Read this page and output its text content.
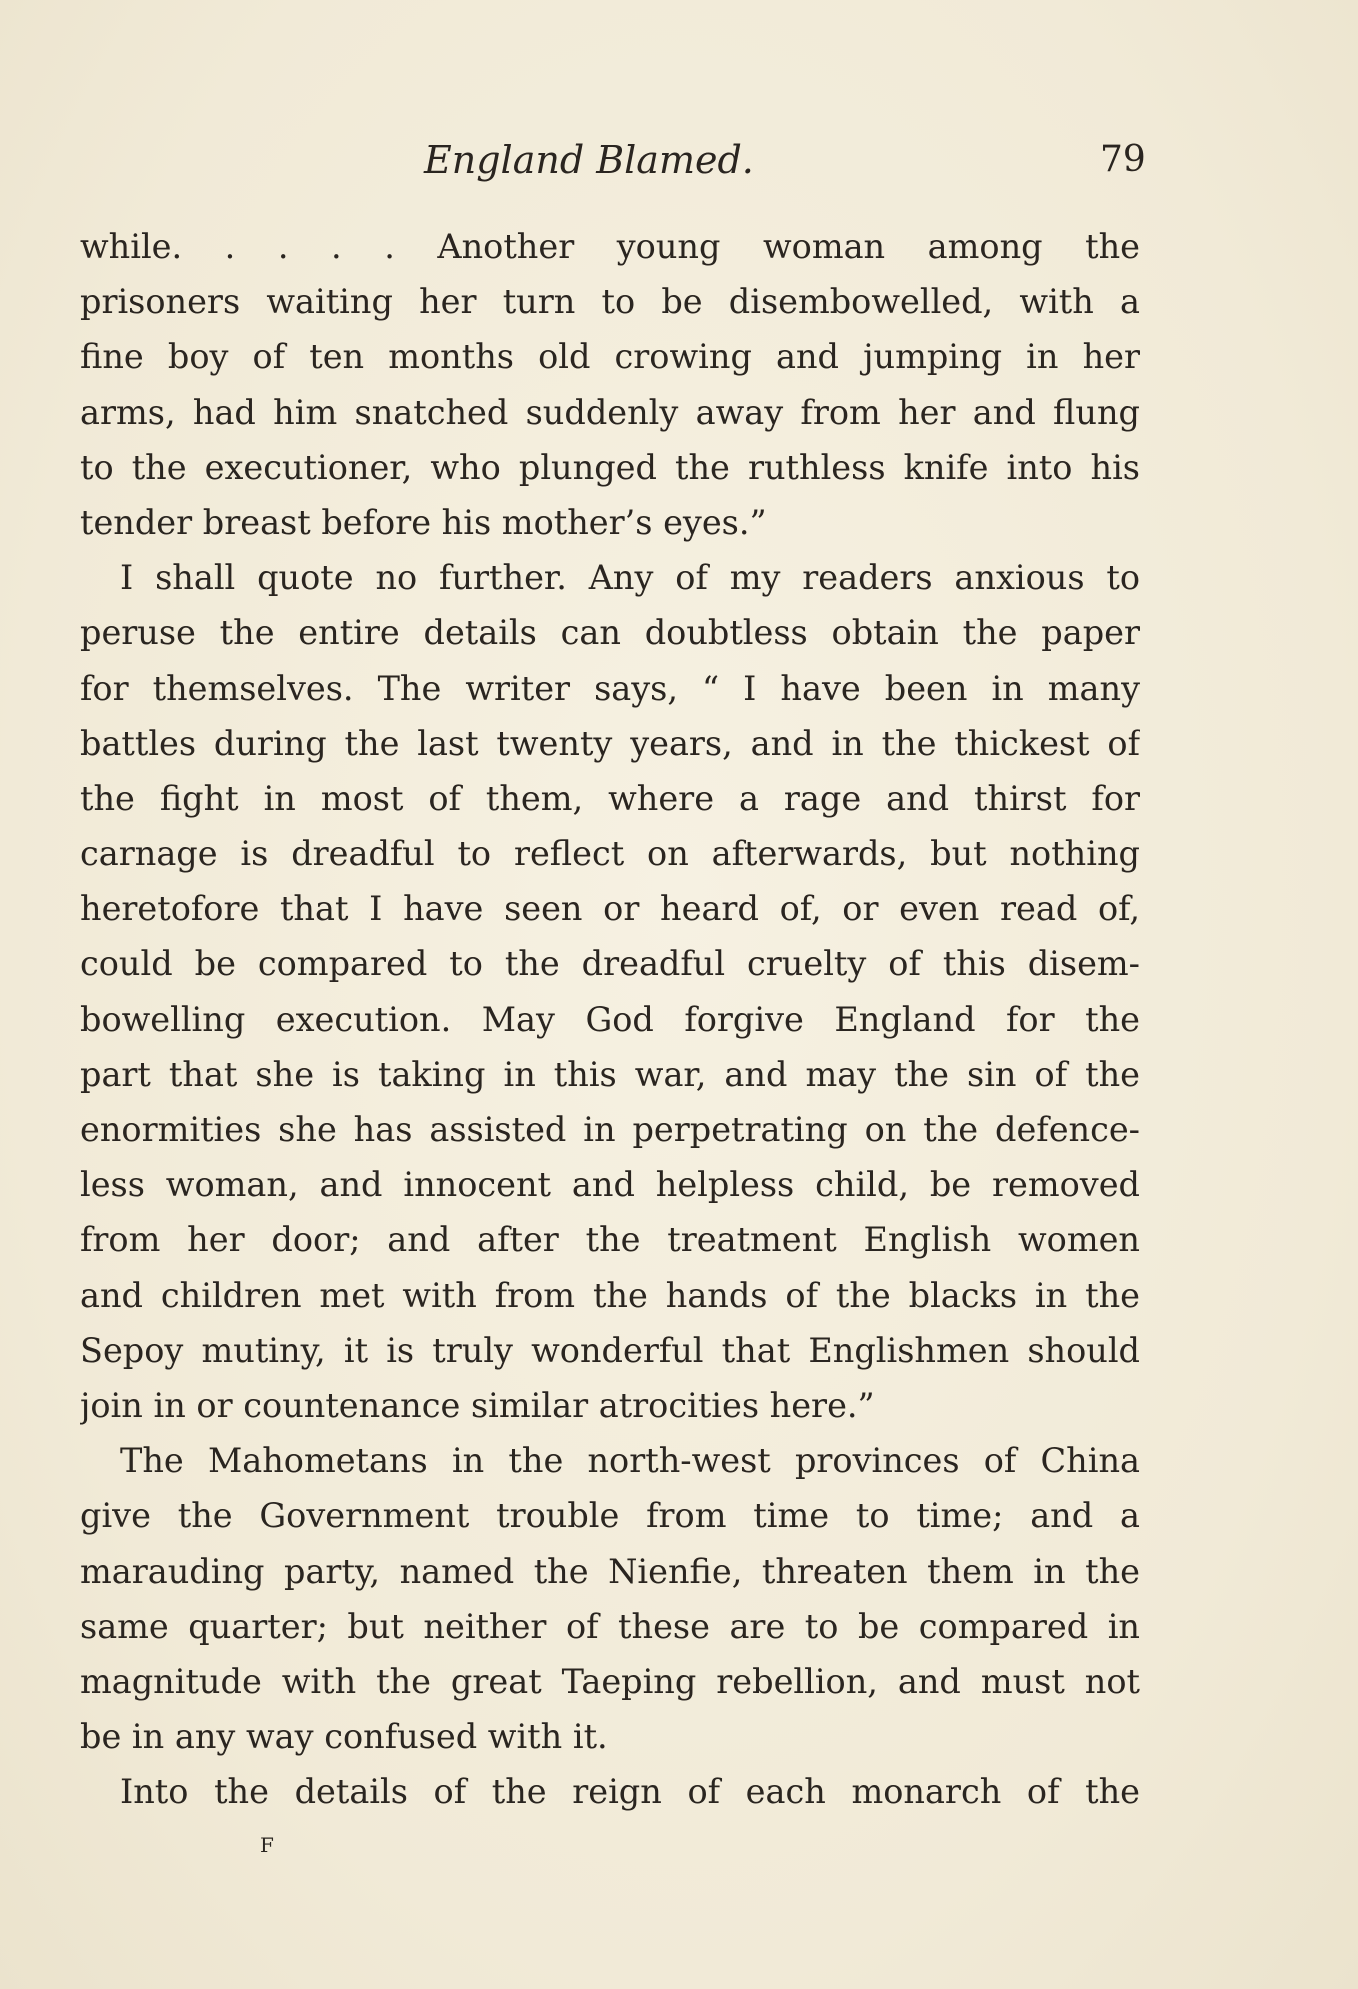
England Blamed.	79
while. . . . . Another young woman among the
prisoners waiting her turn to be disembowelled, with a
fine boy of ten months old crowing and jumping in her
arms, had him snatched suddenly away from her and flung
to the executioner, who plunged the ruthless knife into his
tender breast before his mother’s eyes.”
I shall quote no further. Any of my readers anxious to
peruse the entire details can doubtless obtain the paper
for themselves. The writer says, “ I have been in many
battles during the last twenty years, and in the thickest of
the fight in most of them, where a rage and thirst for
carnage is dreadful to reflect on afterwards, but nothing
heretofore that I have seen or heard of, or even read of,
could be compared to the dreadful cruelty of this disem-
bowelling execution. May God forgive England for the
part that she is taking in this war, and may the sin of the
enormities she has assisted in perpetrating on the defence-
less woman, and innocent and helpless child, be removed
from her door; and after the treatment English women
and children met with from the hands of the blacks in the
Sepoy mutiny, it is truly wonderful that Englishmen should
join in or countenance similar atrocities here.”
The Mahometans in the north-west provinces of China
give the Government trouble from time to time; and a
marauding party, named the Nienfie, threaten them in the
same quarter; but neither of these are to be compared in
magnitude with the great Taeping rebellion, and must not
be in any way confused with it.
Into the details of the reign of each monarch of the
F
